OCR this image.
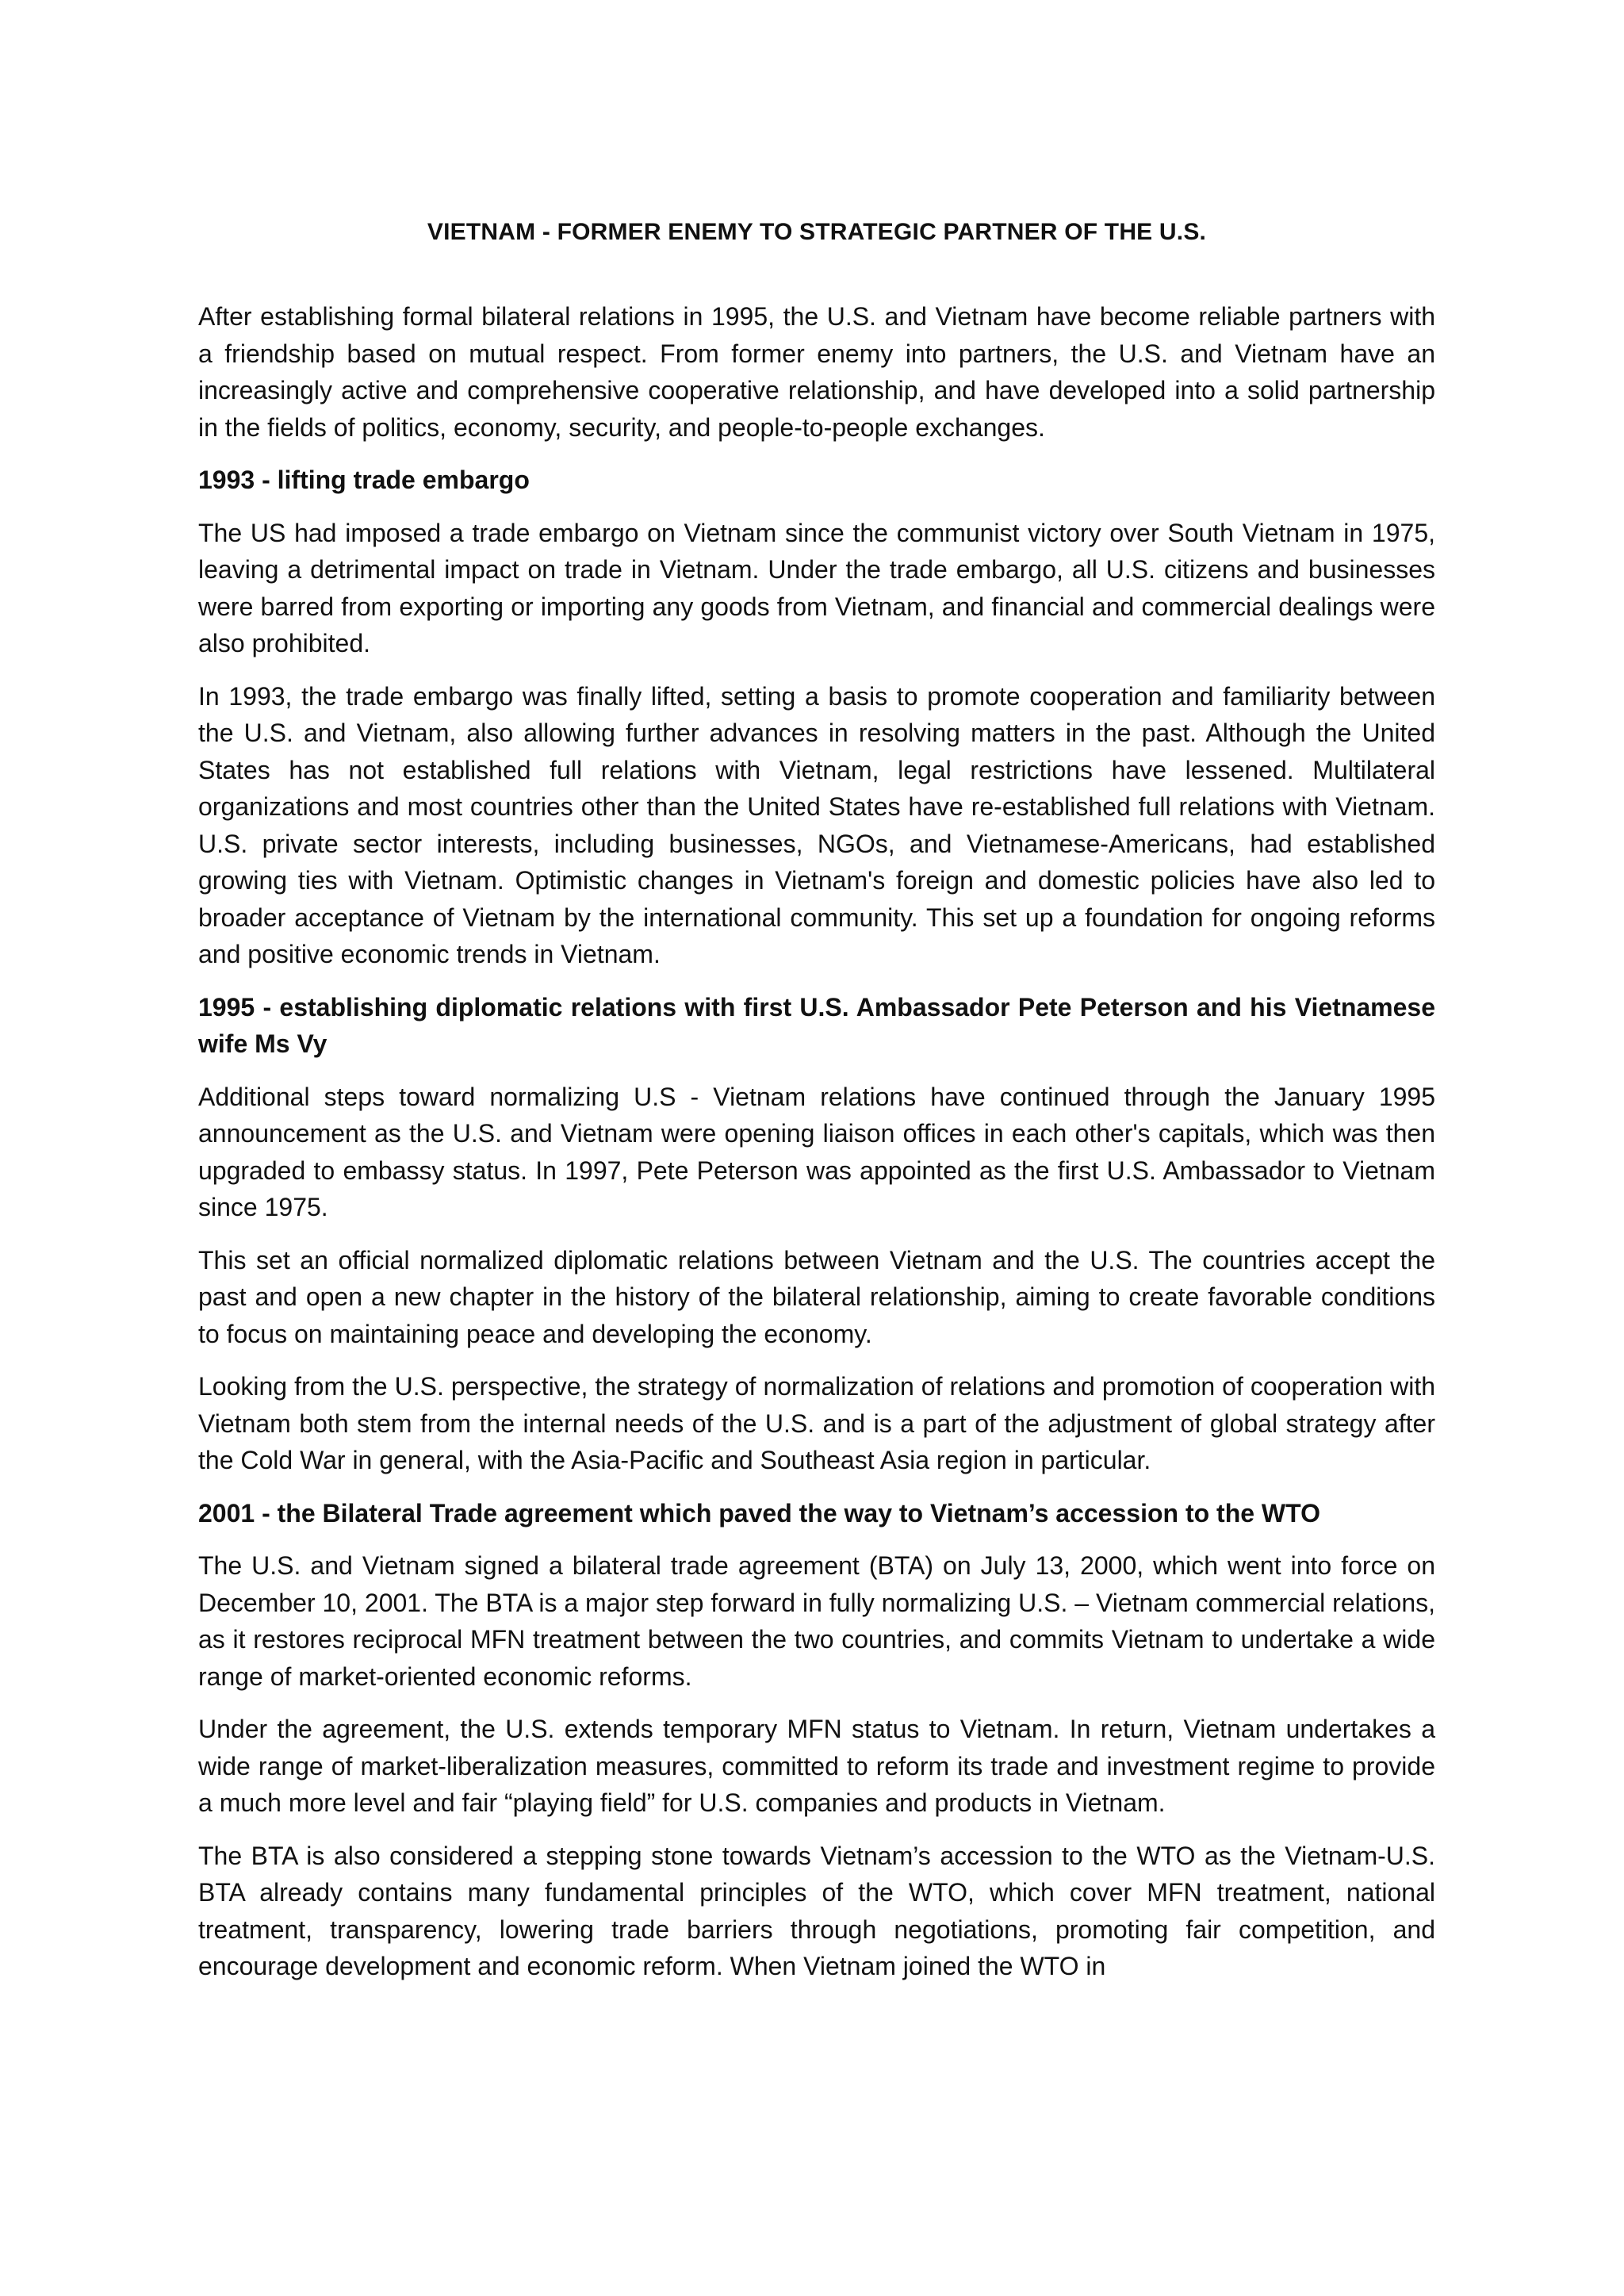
VIETNAM - FORMER ENEMY TO STRATEGIC PARTNER OF THE U.S.

After establishing formal bilateral relations in 1995, the U.S. and Vietnam have become reliable partners with a friendship based on mutual respect. From former enemy into partners, the U.S. and Vietnam have an increasingly active and comprehensive cooperative relationship, and have developed into a solid partnership in the fields of politics, economy, security, and people-to-people exchanges.

1993 - lifting trade embargo

The US had imposed a trade embargo on Vietnam since the communist victory over South Vietnam in 1975, leaving a detrimental impact on trade in Vietnam. Under the trade embargo, all U.S. citizens and businesses were barred from exporting or importing any goods from Vietnam, and financial and commercial dealings were also prohibited.

In 1993, the trade embargo was finally lifted, setting a basis to promote cooperation and familiarity between the U.S. and Vietnam, also allowing further advances in resolving matters in the past. Although the United States has not established full relations with Vietnam, legal restrictions have lessened. Multilateral organizations and most countries other than the United States have re-established full relations with Vietnam. U.S. private sector interests, including businesses, NGOs, and Vietnamese-Americans, had established growing ties with Vietnam. Optimistic changes in Vietnam's foreign and domestic policies have also led to broader acceptance of Vietnam by the international community. This set up a foundation for ongoing reforms and positive economic trends in Vietnam.

1995 - establishing diplomatic relations with first U.S. Ambassador Pete Peterson and his Vietnamese wife Ms Vy

Additional steps toward normalizing U.S - Vietnam relations have continued through the January 1995 announcement as the U.S. and Vietnam were opening liaison offices in each other's capitals, which was then upgraded to embassy status. In 1997, Pete Peterson was appointed as the first U.S. Ambassador to Vietnam since 1975.

This set an official normalized diplomatic relations between Vietnam and the U.S. The countries accept the past and open a new chapter in the history of the bilateral relationship, aiming to create favorable conditions to focus on maintaining peace and developing the economy.

Looking from the U.S. perspective, the strategy of normalization of relations and promotion of cooperation with Vietnam both stem from the internal needs of the U.S. and is a part of the adjustment of global strategy after the Cold War in general, with the Asia-Pacific and Southeast Asia region in particular.

2001 - the Bilateral Trade agreement which paved the way to Vietnam’s accession to the WTO

The U.S. and Vietnam signed a bilateral trade agreement (BTA) on July 13, 2000, which went into force on December 10, 2001. The BTA is a major step forward in fully normalizing U.S. – Vietnam commercial relations, as it restores reciprocal MFN treatment between the two countries, and commits Vietnam to undertake a wide range of market-oriented economic reforms.

Under the agreement, the U.S. extends temporary MFN status to Vietnam. In return, Vietnam undertakes a wide range of market-liberalization measures, committed to reform its trade and investment regime to provide a much more level and fair “playing field” for U.S. companies and products in Vietnam.

The BTA is also considered a stepping stone towards Vietnam’s accession to the WTO as the Vietnam-U.S. BTA already contains many fundamental principles of the WTO, which cover MFN treatment, national treatment, transparency, lowering trade barriers through negotiations, promoting fair competition, and encourage development and economic reform. When Vietnam joined the WTO in
